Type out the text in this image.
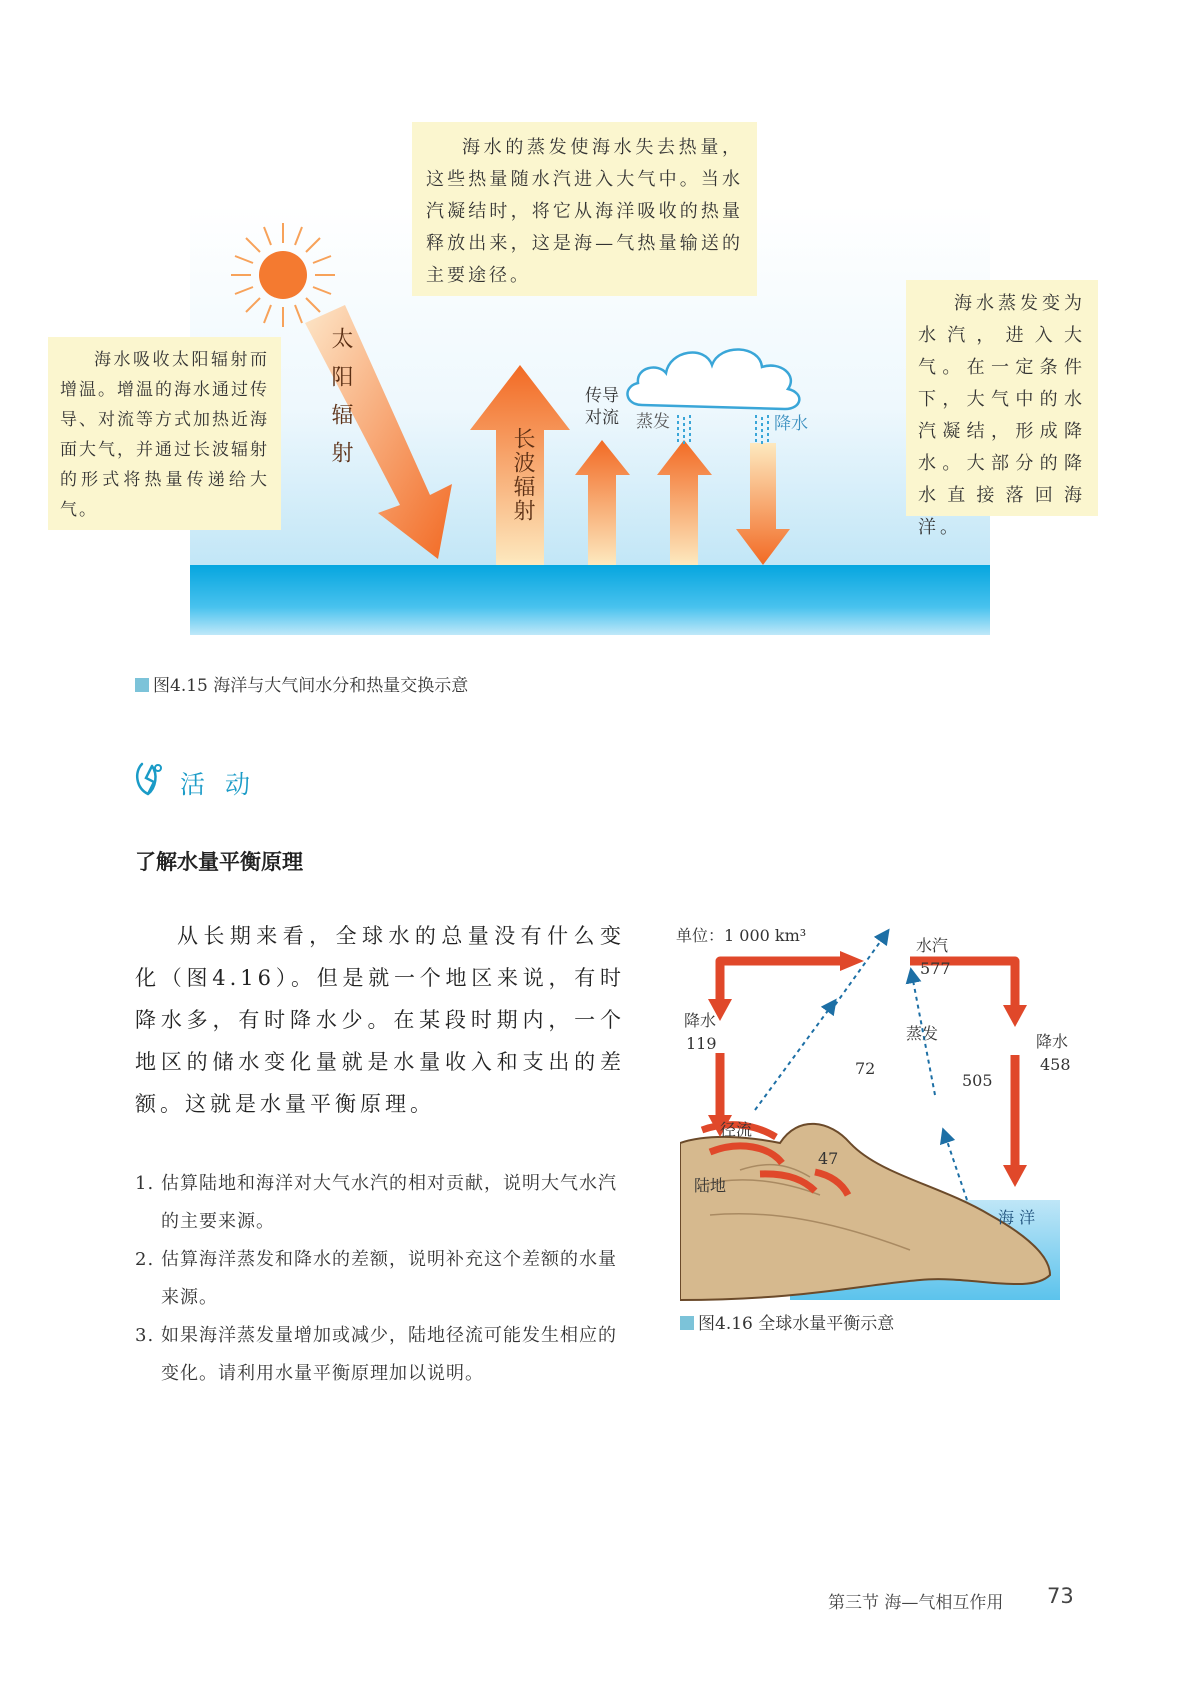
太阳辐射	长波辐射
传导
对流 蒸发	降水
海水的蒸发使海水失去热量，这些热量随水汽进入大气中。当水汽凝结时，将它从海洋吸收的热量释放出来，这是海—气热量输送的主要途径。
海水吸收太阳辐射而增温。增温的海水通过传导、对流等方式加热近海面大气，并通过长波辐射的形式将热量传递给大气。
海水蒸发变为水汽，进入大气。在一定条件下，大气中的水汽凝结，形成降水。大部分的降水直接落回海洋。
图4.15 海洋与大气间水分和热量交换示意
活 动
了解水量平衡原理
从长期来看，全球水的总量没有什么变化（图4.16）。但是就一个地区来说，有时降水多，有时降水少。在某段时期内，一个地区的储水变化量就是水量收入和支出的差额。这就是水量平衡原理。
1. 估算陆地和海洋对大气水汽的相对贡献，说明大气水汽的主要来源。
2. 估算海洋蒸发和降水的差额，说明补充这个差额的水量来源。
3. 如果海洋蒸发量增加或减少，陆地径流可能发生相应的变化。请利用水量平衡原理加以说明。
单位：1 000 km³
水汽
577
降水
119	降水
458
蒸发
72
505
径流
47
陆地
海 洋
图4.16 全球水量平衡示意
第三节 海—气相互作用 73
